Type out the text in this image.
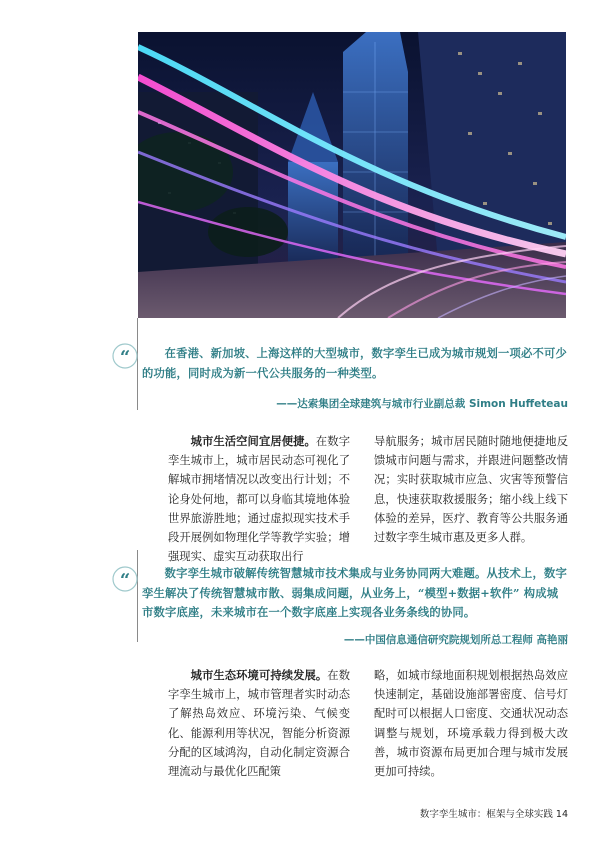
“	在香港、新加坡、上海这样的大型城市，数字孪生已成为城市规划一项必不可少的功能，同时成为新一代公共服务的一种类型。
——达索集团全球建筑与城市行业副总裁 Simon Huffeteau

城市生活空间宜居便捷。在数字孪生城市上，城市居民动态可视化了解城市拥堵情况以改变出行计划；不论身处何地，都可以身临其境地体验世界旅游胜地；通过虚拟现实技术手段开展例如物理化学等教学实验；增强现实、虚实互动获取出行

导航服务；城市居民随时随地便捷地反馈城市问题与需求，并跟进问题整改情况；实时获取城市应急、灾害等预警信息，快速获取救援服务；缩小线上线下体验的差异，医疗、教育等公共服务通过数字孪生城市惠及更多人群。
“	数字孪生城市破解传统智慧城市技术集成与业务协同两大难题。从技术上，数字孪生解决了传统智慧城市散、弱集成问题，从业务上，“模型+数据+软件” 构成城市数字底座，未来城市在一个数字底座上实现各业务条线的协同。
——中国信息通信研究院规划所总工程师 高艳丽

城市生态环境可持续发展。在数字孪生城市上，城市管理者实时动态了解热岛效应、环境污染、气候变化、能源利用等状况，智能分析资源分配的区域鸿沟，自动化制定资源合理流动与最优化匹配策

略，如城市绿地面积规划根据热岛效应快速制定，基础设施部署密度、信号灯配时可以根据人口密度、交通状况动态调整与规划，环境承载力得到极大改善，城市资源布局更加合理与城市发展更加可持续。
数字孪生城市：框架与全球实践 14
